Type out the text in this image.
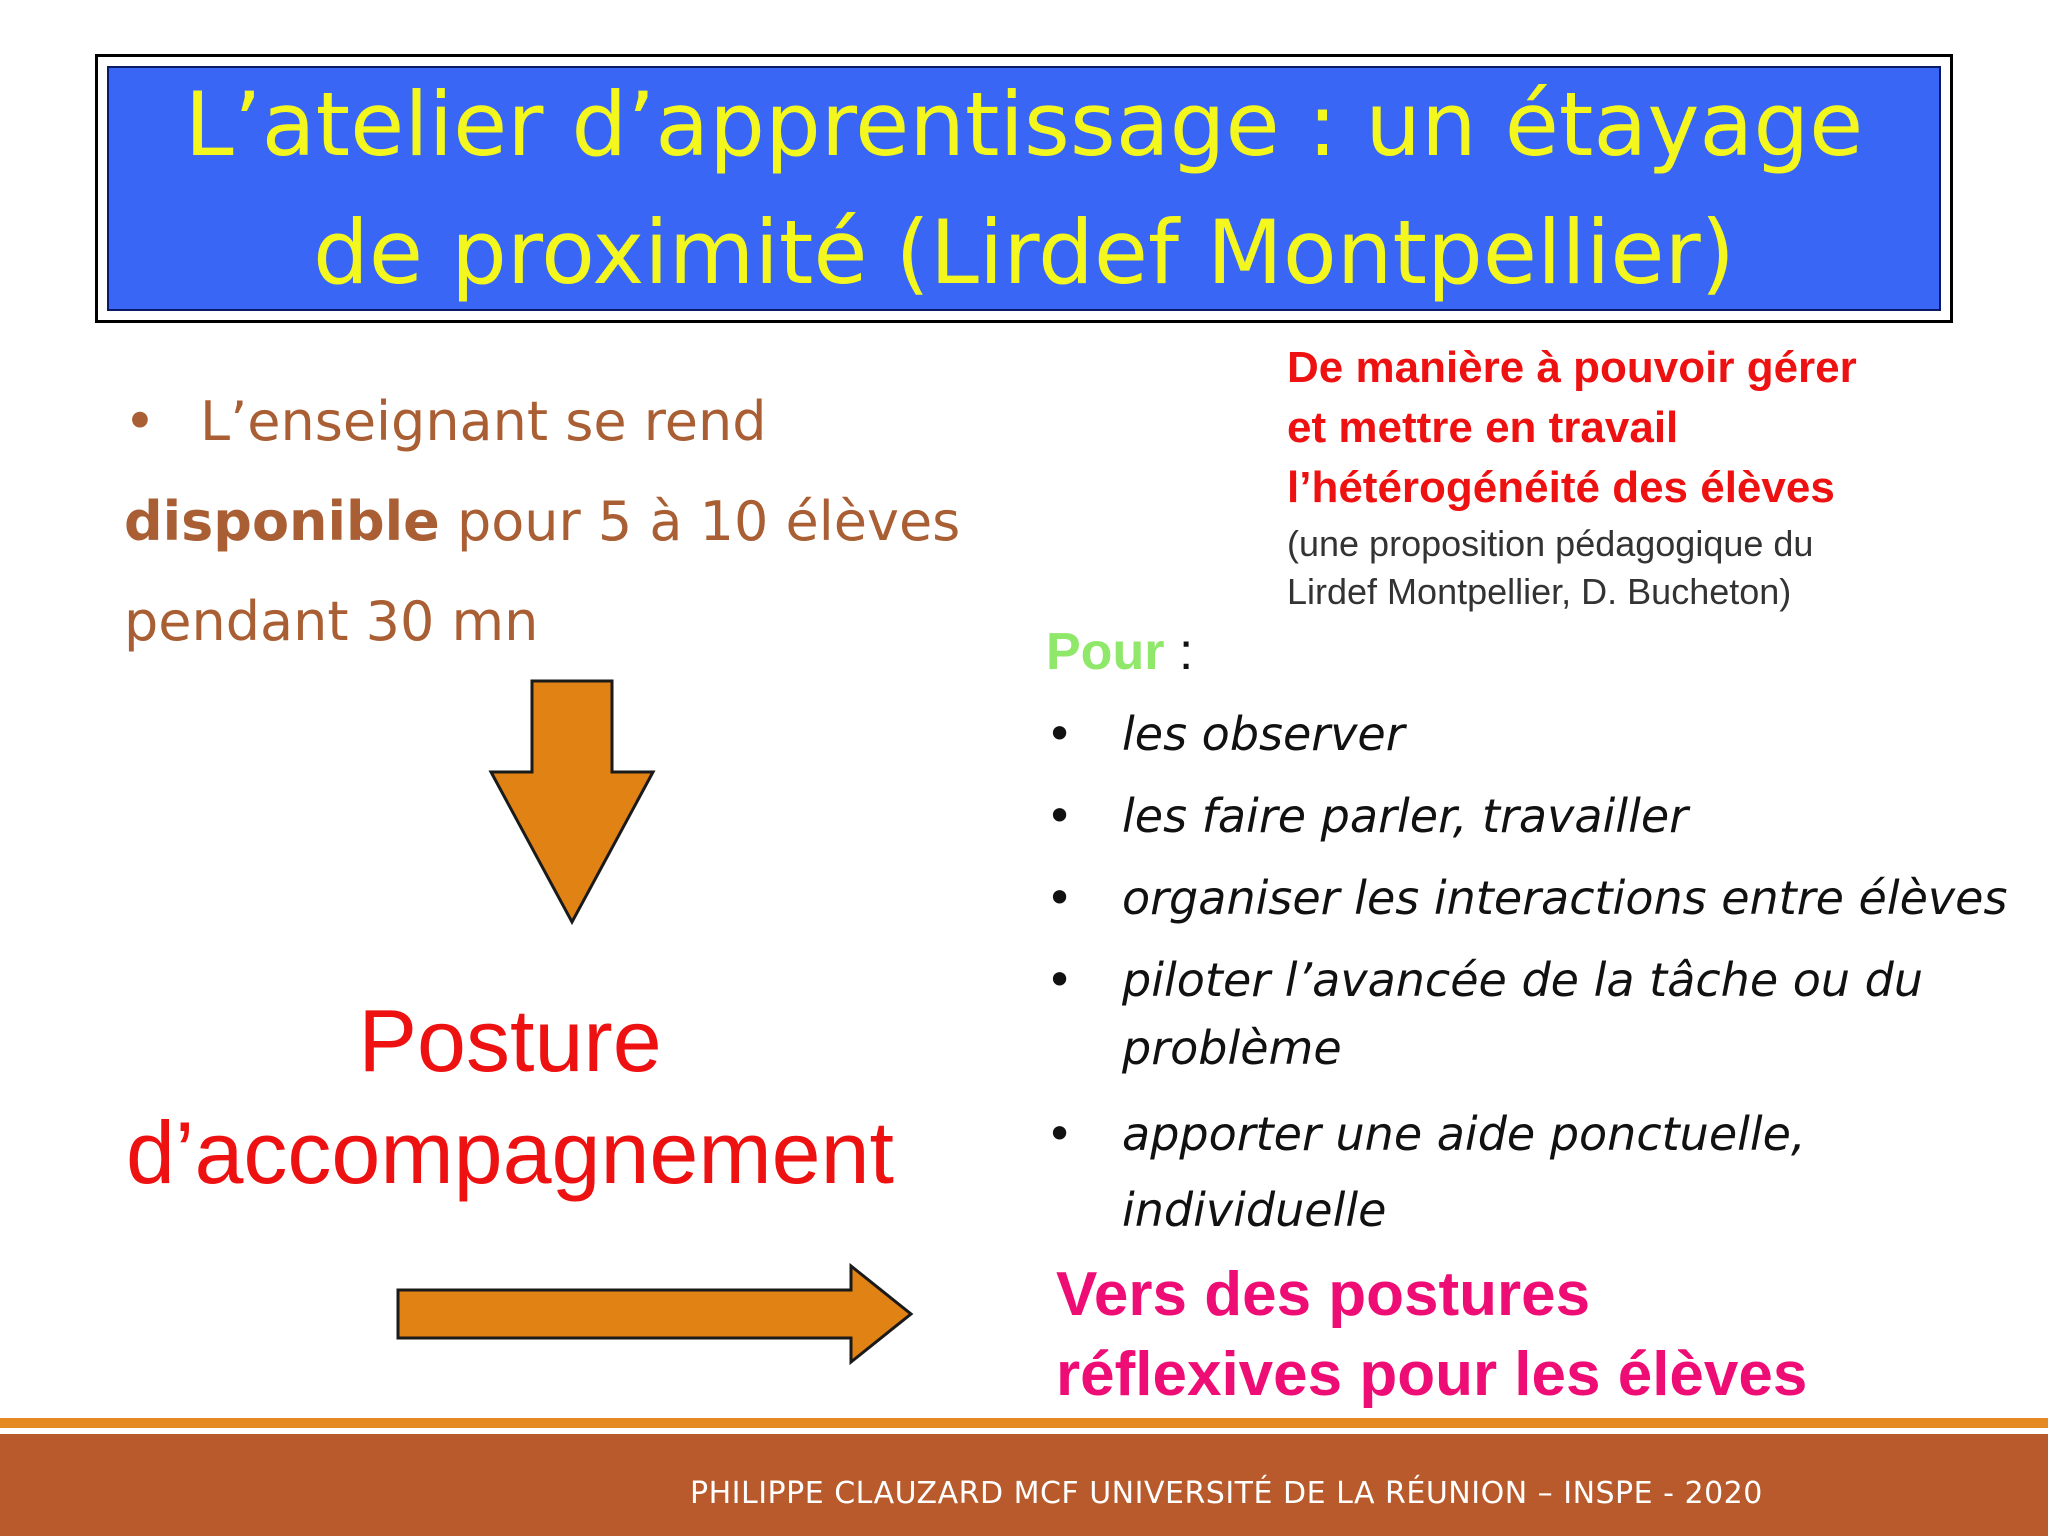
L’atelier d’apprentissage : un étayage
de proximité (Lirdef Montpellier)
• L’enseignant se rend
disponible pour 5 à 10 élèves
pendant 30 mn
Posture
d’accompagnement
De manière à pouvoir gérer
et mettre en travail
l’hétérogénéité des élèves
(une proposition pédagogique du
Lirdef Montpellier, D. Bucheton)
Pour :
• les observer
• les faire parler, travailler
• organiser les interactions entre élèves
• piloter l’avancée de la tâche ou du
problème
• apporter une aide ponctuelle,
individuelle
Vers des postures
réflexives pour les élèves
PHILIPPE CLAUZARD MCF UNIVERSITÉ DE LA RÉUNION – INSPE - 2020
